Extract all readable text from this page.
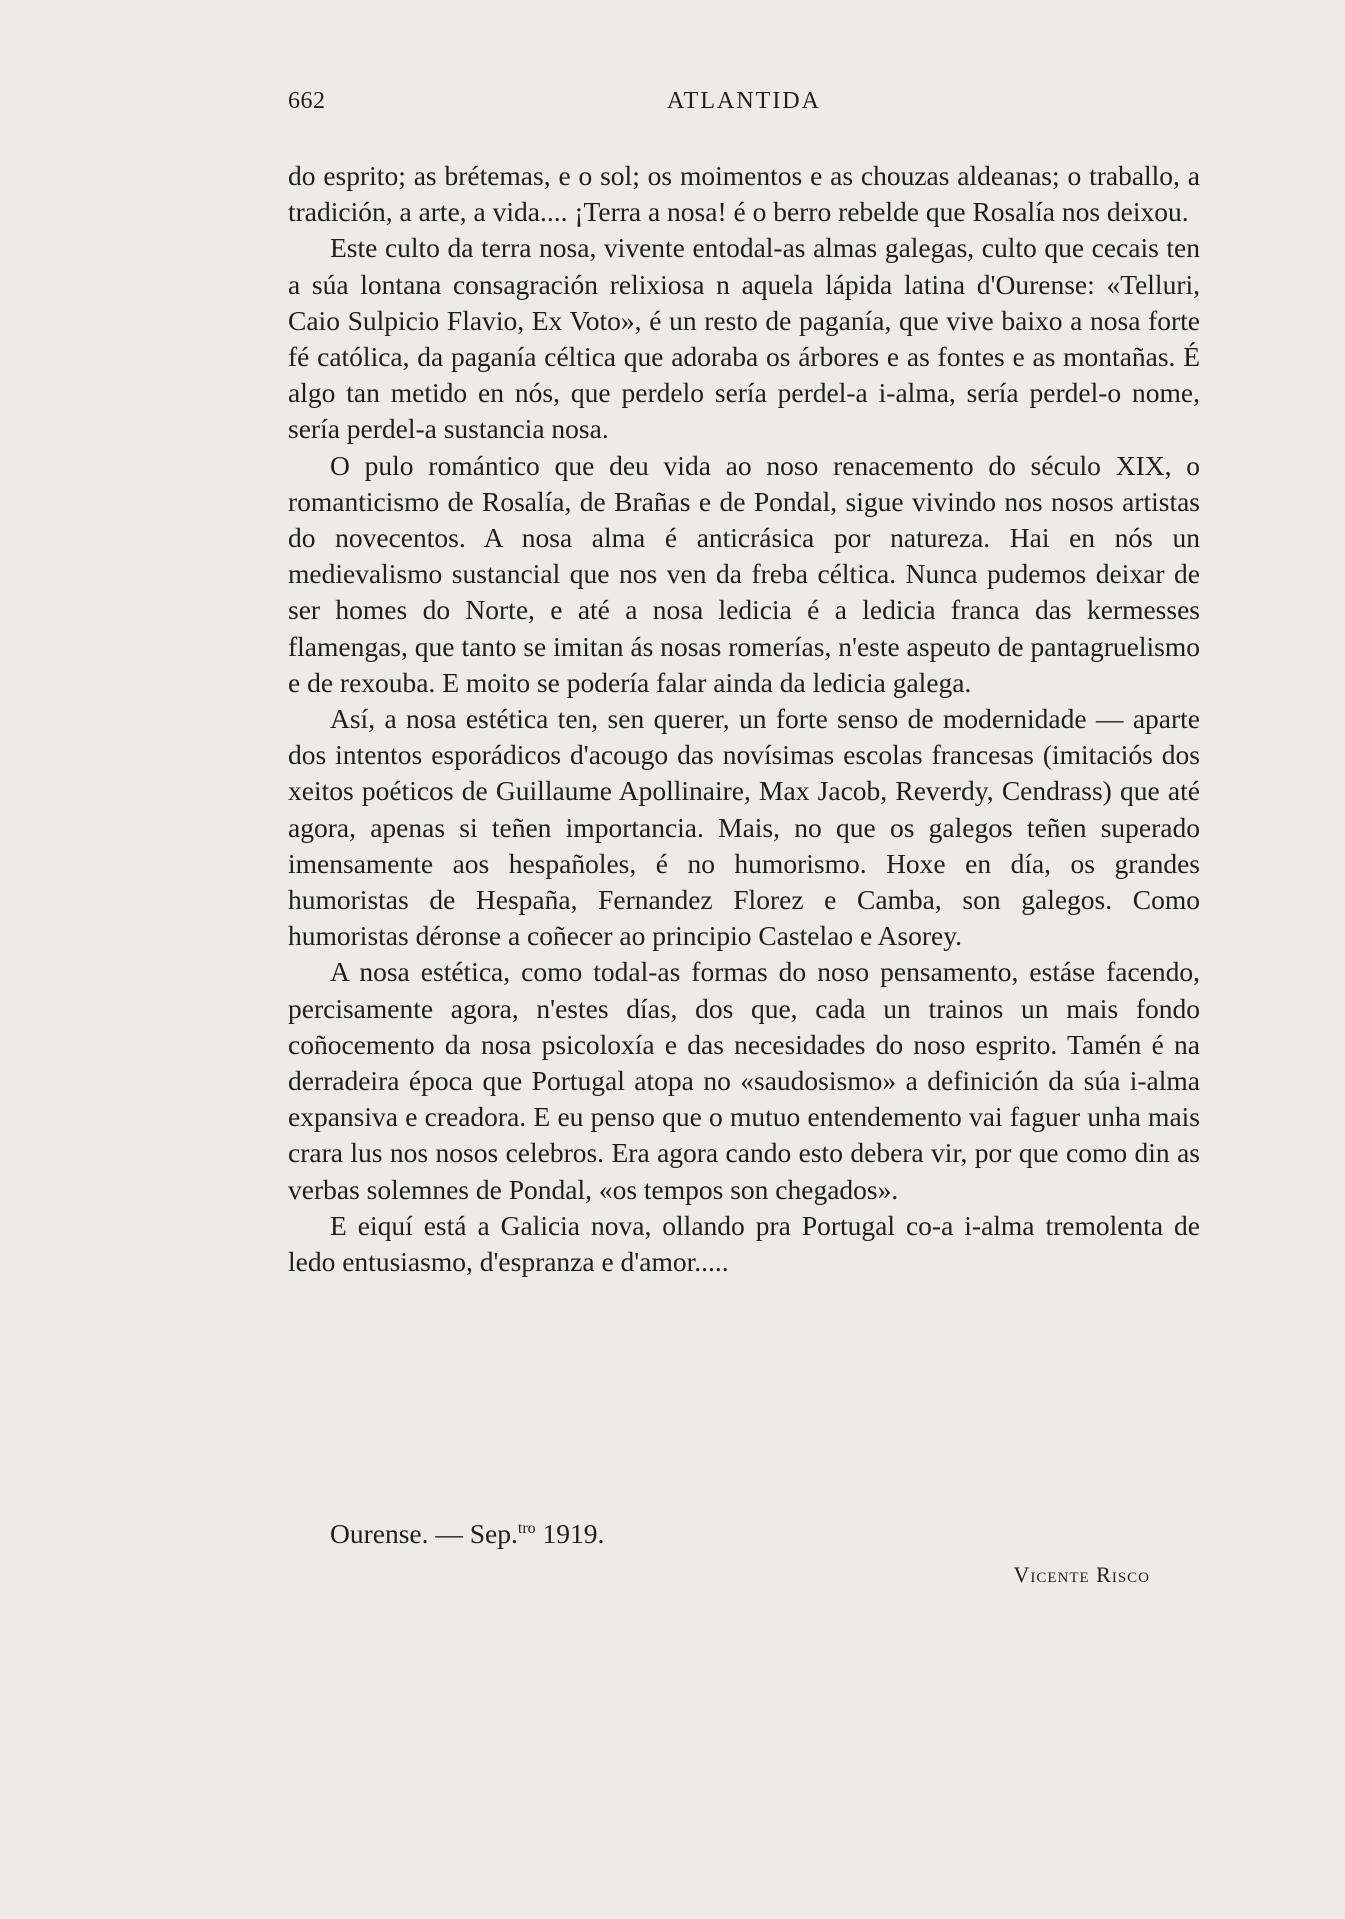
662	ATLANTIDA

do esprito; as brétemas, e o sol; os moimentos e as chouzas aldeanas; o traballo, a tradición, a arte, a vida.... ¡Terra a nosa! é o berro rebelde que Rosalía nos deixou.

Este culto da terra nosa, vivente entodal-as almas galegas, culto que cecais ten a súa lontana consagración relixiosa n aquela lápida latina d'Ourense: «Telluri, Caio Sulpicio Flavio, Ex Voto», é un resto de paganía, que vive baixo a nosa forte fé católica, da paganía céltica que adoraba os árbores e as fontes e as montañas. É algo tan metido en nós, que perdelo sería perdel-a i-alma, sería perdel-o nome, sería perdel-a sustancia nosa.

O pulo romántico que deu vida ao noso renacemento do século XIX, o romanticismo de Rosalía, de Brañas e de Pondal, sigue vivindo nos nosos artistas do novecentos. A nosa alma é anticrásica por natureza. Hai en nós un medievalismo sustancial que nos ven da freba céltica. Nunca pudemos deixar de ser homes do Norte, e até a nosa ledicia é a ledicia franca das kermesses flamengas, que tanto se imitan ás nosas romerías, n'este aspeuto de pantagruelismo e de rexouba. E moito se podería falar ainda da ledicia galega.

Así, a nosa estética ten, sen querer, un forte senso de modernidade — aparte dos intentos esporádicos d'acougo das novísimas escolas francesas (imitaciós dos xeitos poéticos de Guillaume Apollinaire, Max Jacob, Reverdy, Cendrass) que até agora, apenas si teñen importancia. Mais, no que os galegos teñen superado imensamente aos hespañoles, é no humorismo. Hoxe en día, os grandes humoristas de Hespaña, Fernandez Florez e Camba, son galegos. Como humoristas déronse a coñecer ao principio Castelao e Asorey.

A nosa estética, como todal-as formas do noso pensamento, estáse facendo, percisamente agora, n'estes días, dos que, cada un trainos un mais fondo coñocemento da nosa psicoloxía e das necesidades do noso esprito. Tamén é na derradeira época que Portugal atopa no «saudosismo» a definición da súa i-alma expansiva e creadora. E eu penso que o mutuo entendemento vai faguer unha mais crara lus nos nosos celebros. Era agora cando esto debera vir, por que como din as verbas solemnes de Pondal, «os tempos son chegados».

E eiquí está a Galicia nova, ollando pra Portugal co-a i-alma tremolenta de ledo entusiasmo, d'espranza e d'amor.....

Ourense. — Sep.$^{tro}$ 1919.
Vicente Risco
